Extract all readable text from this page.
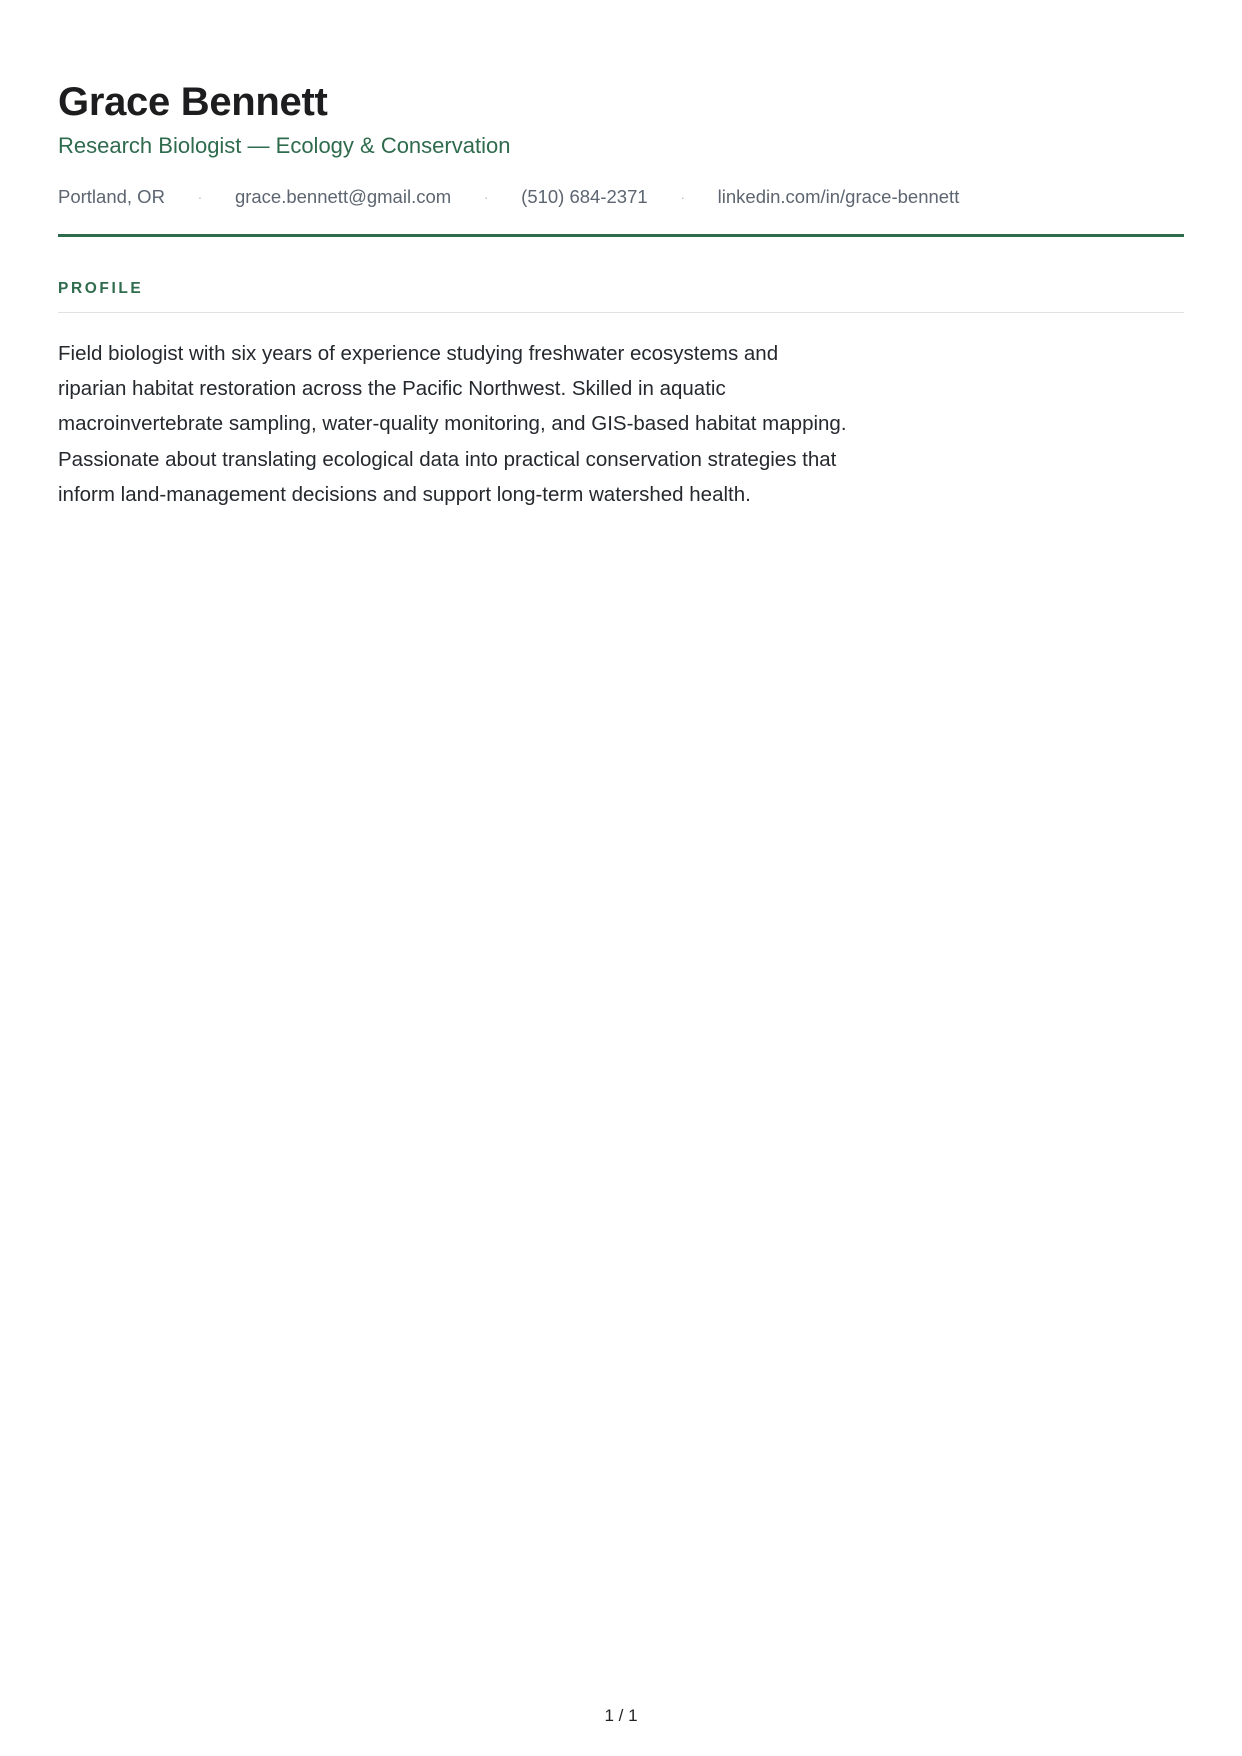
Grace Bennett
Research Biologist — Ecology & Conservation
Portland, OR	·	grace.bennett@gmail.com	·	(510) 684-2371	·	linkedin.com/in/grace-bennett
PROFILE

Field biologist with six years of experience studying freshwater ecosystems and riparian habitat restoration across the Pacific Northwest. Skilled in aquatic macroinvertebrate sampling, water-quality monitoring, and GIS-based habitat mapping. Passionate about translating ecological data into practical conservation strategies that inform land-management decisions and support long-term watershed health.

1 / 1
